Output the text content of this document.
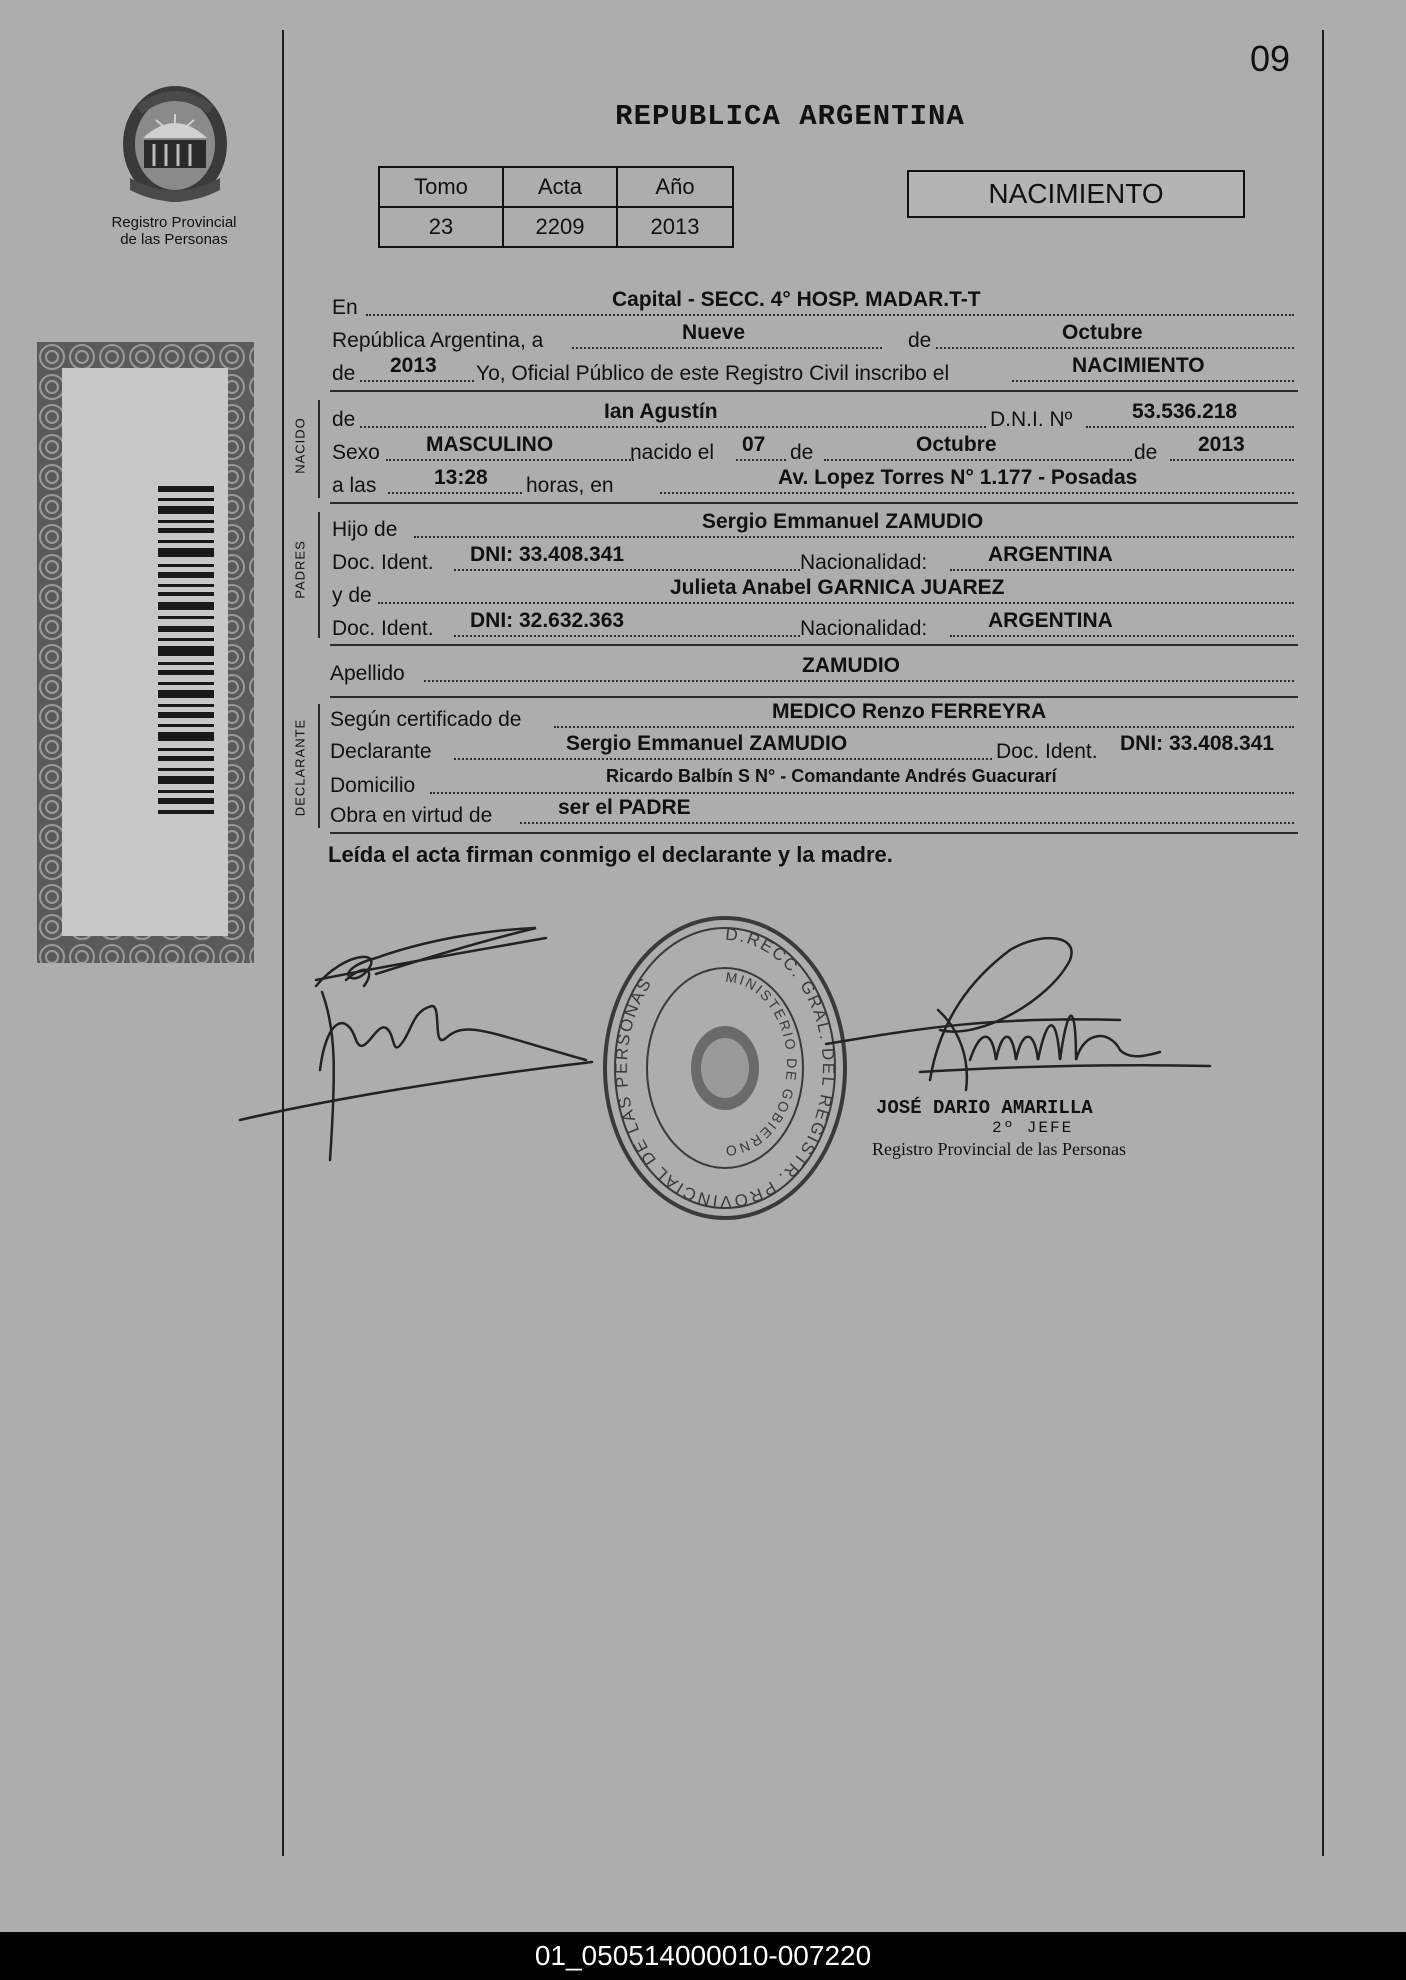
09
REPUBLICA ARGENTINA
Tomo	Acta	Año
23	2209	2013
NACIMIENTO
Registro Provincial
de las Personas
NACIDO
PADRES
DECLARANTE
En	Capital - SECC. 4° HOSP. MADAR.T-T
República Argentina, a	Nueve	de	Octubre
de 2013 Yo, Oficial Público de este Registro Civil inscribo el	NACIMIENTO
de	Ian Agustín	D.N.I. Nº	53.536.218
Sexo MASCULINO	nacido el 07 de	Octubre	de 2013
a las	13:28 horas, en	Av. Lopez Torres N° 1.177 - Posadas
Hijo de	Sergio Emmanuel ZAMUDIO
Doc. Ident. DNI: 33.408.341	Nacionalidad:	ARGENTINA
y de	Julieta Anabel GARNICA JUAREZ
Doc. Ident. DNI: 32.632.363	Nacionalidad:	ARGENTINA
Apellido	ZAMUDIO
Según certificado de	MEDICO Renzo FERREYRA
Declarante	Sergio Emmanuel ZAMUDIO	Doc. Ident. DNI: 33.408.341
Domicilio	Ricardo Balbín S N° - Comandante Andrés Guacurarí
Obra en virtud de	ser el PADRE
Leída el acta firman conmigo el declarante y la madre.
D.RECC. GRAL. DEL REGISTR. PROVINCIAL DE LAS PERSONAS	MINISTERIO DE GOBIERNO
JOSÉ DARIO AMARILLA
2º JEFE
Registro Provincial de las Personas
01_050514000010-007220
